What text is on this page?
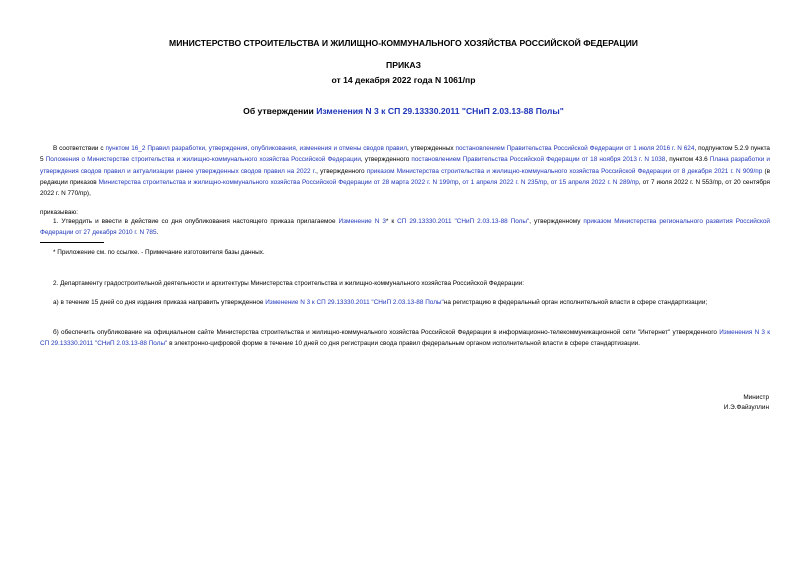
МИНИСТЕРСТВО СТРОИТЕЛЬСТВА И ЖИЛИЩНО-КОММУНАЛЬНОГО ХОЗЯЙСТВА РОССИЙСКОЙ ФЕДЕРАЦИИ
ПРИКАЗ
от 14 декабря 2022 года N 1061/пр
Об утверждении Изменения N 3 к СП 29.13330.2011 "СНиП 2.03.13-88 Полы"
В соответствии с пунктом 16_2 Правил разработки, утверждения, опубликования, изменения и отмены сводов правил, утвержденных постановлением Правительства Российской Федерации от 1 июля 2016 г. N 624, подпунктом 5.2.9 пункта 5 Положения о Министерстве строительства и жилищно-коммунального хозяйства Российской Федерации, утвержденного постановлением Правительства Российской Федерации от 18 ноября 2013 г. N 1038, пунктом 43.6 Плана разработки и утверждения сводов правил и актуализации ранее утвержденных сводов правил на 2022 г., утвержденного приказом Министерства строительства и жилищно-коммунального хозяйства Российской Федерации от 8 декабря 2021 г. N 909/пр (в редакции приказов Министерства строительства и жилищно-коммунального хозяйства Российской Федерации от 28 марта 2022 г. N 199/пр, от 1 апреля 2022 г. N 235/пр, от 15 апреля 2022 г. N 289/пр, от 7 июля 2022 г. N 553/пр, от 20 сентября 2022 г. N 770/пр),
приказываю:
1. Утвердить и ввести в действие со дня опубликования настоящего приказа прилагаемое Изменение N 3* к СП 29.13330.2011 "СНиП 2.03.13-88 Полы", утвержденному приказом Министерства регионального развития Российской Федерации от 27 декабря 2010 г. N 785.
* Приложение см. по ссылке. - Примечание изготовителя базы данных.
2. Департаменту градостроительной деятельности и архитектуры Министерства строительства и жилищно-коммунального хозяйства Российской Федерации:
а) в течение 15 дней со дня издания приказа направить утвержденное Изменение N 3 к СП 29.13330.2011 "СНиП 2.03.13-88 Полы"на регистрацию в федеральный орган исполнительной власти в сфере стандартизации;
б) обеспечить опубликование на официальном сайте Министерства строительства и жилищно-коммунального хозяйства Российской Федерации в информационно-телекоммуникационной сети "Интернет" утвержденного Изменения N 3 к СП 29.13330.2011 "СНиП 2.03.13-88 Полы" в электронно-цифровой форме в течение 10 дней со дня регистрации свода правил федеральным органом исполнительной власти в сфере стандартизации.
Министр
И.Э.Файзуллин
